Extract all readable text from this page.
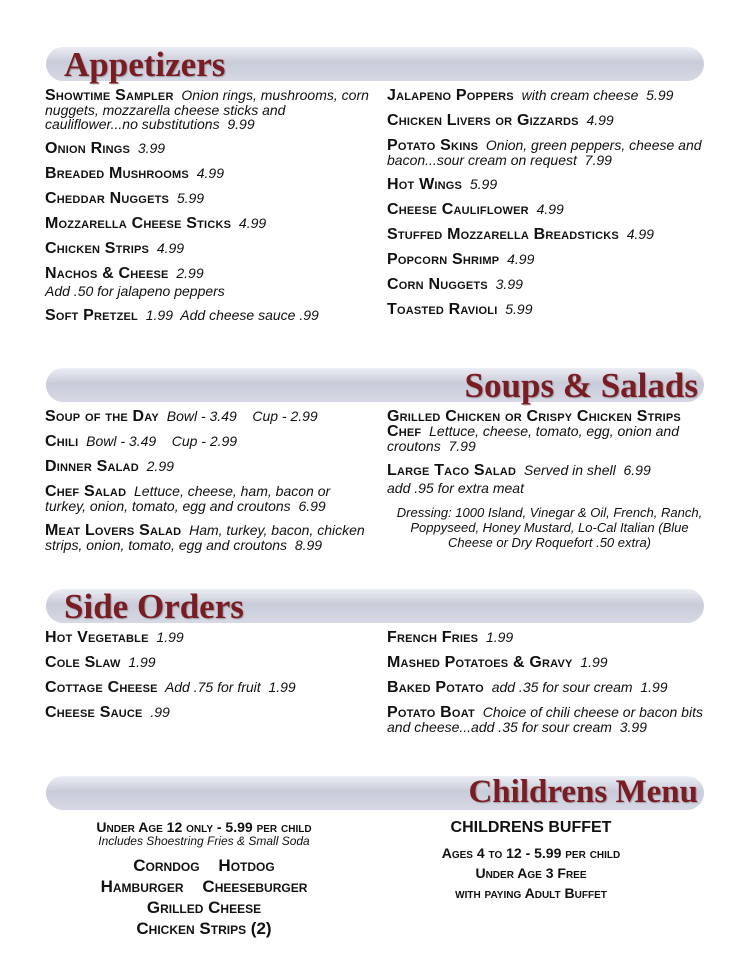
Appetizers
Showtime Sampler Onion rings, mushrooms, corn nuggets, mozzarella cheese sticks and cauliflower...no substitutions 9.99
Onion Rings 3.99
Breaded Mushrooms 4.99
Cheddar Nuggets 5.99
Mozzarella Cheese Sticks 4.99
Chicken Strips 4.99
Nachos & Cheese 2.99
Add .50 for jalapeno peppers
Soft Pretzel 1.99 Add cheese sauce .99
Jalapeno Poppers with cream cheese 5.99
Chicken Livers or Gizzards 4.99
Potato Skins Onion, green peppers, cheese and bacon...sour cream on request 7.99
Hot Wings 5.99
Cheese Cauliflower 4.99
Stuffed Mozzarella Breadsticks 4.99
Popcorn Shrimp 4.99
Corn Nuggets 3.99
Toasted Ravioli 5.99
Soups & Salads
Soup of the Day Bowl - 3.49    Cup - 2.99
Chili Bowl - 3.49    Cup - 2.99
Dinner Salad 2.99
Chef Salad Lettuce, cheese, ham, bacon or turkey, onion, tomato, egg and croutons 6.99
Meat Lovers Salad Ham, turkey, bacon, chicken strips, onion, tomato, egg and croutons 8.99
Grilled Chicken or Crispy Chicken Strips Chef Lettuce, cheese, tomato, egg, onion and croutons 7.99
Large Taco Salad Served in shell 6.99
add .95 for extra meat
Dressing: 1000 Island, Vinegar & Oil, French, Ranch, Poppyseed, Honey Mustard, Lo-Cal Italian (Blue Cheese or Dry Roquefort .50 extra)
Side Orders
Hot Vegetable 1.99
Cole Slaw 1.99
Cottage Cheese Add .75 for fruit 1.99
Cheese Sauce .99
French Fries 1.99
Mashed Potatoes & Gravy 1.99
Baked Potato add .35 for sour cream 1.99
Potato Boat Choice of chili cheese or bacon bits and cheese...add .35 for sour cream 3.99
Childrens Menu
Under Age 12 only - 5.99 per child
Includes Shoestring Fries & Small Soda
Corndog    Hotdog
Hamburger    Cheeseburger
Grilled Cheese
Chicken Strips (2)
CHILDRENS BUFFET
Ages 4 to 12 - 5.99 per child
Under Age 3 Free
with paying Adult Buffet
